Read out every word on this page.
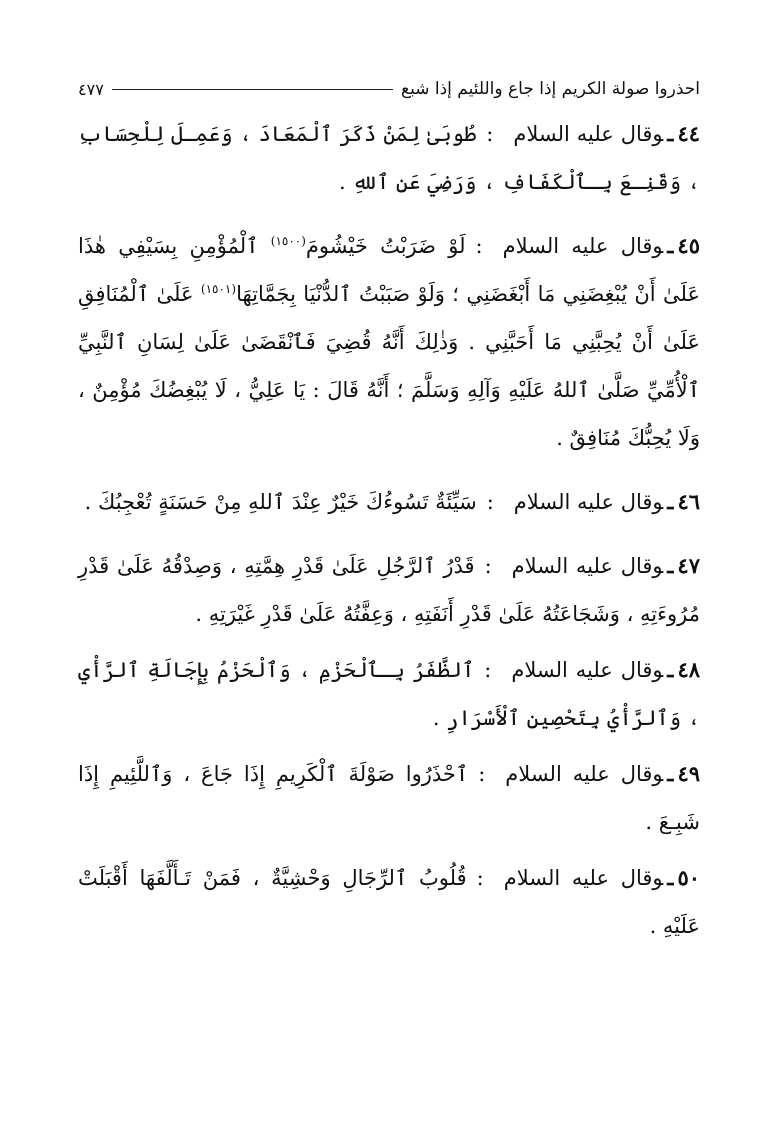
احذروا صولة الكريم إذا جاع واللئيم إذا شبع
٤٧٧

٤٤ـوقال عليه السلام:طُوبَىٰ لِمَنْ ذَكَرَ ٱلْمَعَادَ ، وَعَمِـلَ لِلْحِسَابِ ، وَقَنِـعَ بِـٱلْكَفَافِ ، وَرَضِيَ عَنِ ٱللهِ .

٤٥ـوقال عليه السلام:لَوْ ضَرَبْتُ خَيْشُومَ$^{(١٥٠٠)}$ ٱلْمُؤْمِنِ بِسَيْفِي هٰذَا عَلَىٰ أَنْ يُبْغِضَنِي مَا أَبْغَضَنِي ؛ وَلَوْ صَبَبْتُ ٱلدُّنْيَا بِجَمَّاتِهَا$^{(١٥٠١)}$ عَلَىٰ ٱلْمُنَافِقِ عَلَىٰ أَنْ يُحِبَّنِي مَا أَحَبَّنِي . وَذٰلِكَ أَنَّهُ قُضِيَ فَٱنْقَضَىٰ عَلَىٰ لِسَانِ ٱلنَّبِيِّ ٱلْأُمِّيِّ صَلَّىٰ ٱللهُ عَلَيْهِ وَآلِهِ وَسَلَّمَ ؛ أَنَّهُ قَالَ : يَا عَلِيُّ ، لَا يُبْغِضُكَ مُؤْمِنٌ ، وَلَا يُحِبُّكَ مُنَافِقٌ .

٤٦ـوقال عليه السلام:سَيِّئَةٌ تَسُوءُكَ خَيْرٌ عِنْدَ ٱللهِ مِنْ حَسَنَةٍ تُعْجِبُكَ .

٤٧ـوقال عليه السلام:قَدْرُ ٱلرَّجُلِ عَلَىٰ قَدْرِ هِمَّتِهِ ، وَصِدْقُهُ عَلَىٰ قَدْرِ مُرُوءَتِهِ ، وَشَجَاعَتُهُ عَلَىٰ قَدْرِ أَنَفَتِهِ ، وَعِفَّتُهُ عَلَىٰ قَدْرِ غَيْرَتِهِ .

٤٨ـوقال عليه السلام:ٱلظَّفَرُ بِـٱلْحَزْمِ ، وَٱلْحَزْمُ بِإِجَالَةِ ٱلرَّأْيِ ، وَٱلرَّأْيُ بِتَحْصِينِ ٱلْأَسْرَارِ .

٤٩ـوقال عليه السلام:ٱحْذَرُوا صَوْلَةَ ٱلْكَرِيمِ إِذَا جَاعَ ، وَٱللَّئِيمِ إِذَا شَبِـعَ .

٥٠ـوقال عليه السلام:قُلُوبُ ٱلرِّجَالِ وَحْشِيَّةٌ ، فَمَنْ تَـأَلَّفَهَا أَقْبَلَتْ عَلَيْهِ .
